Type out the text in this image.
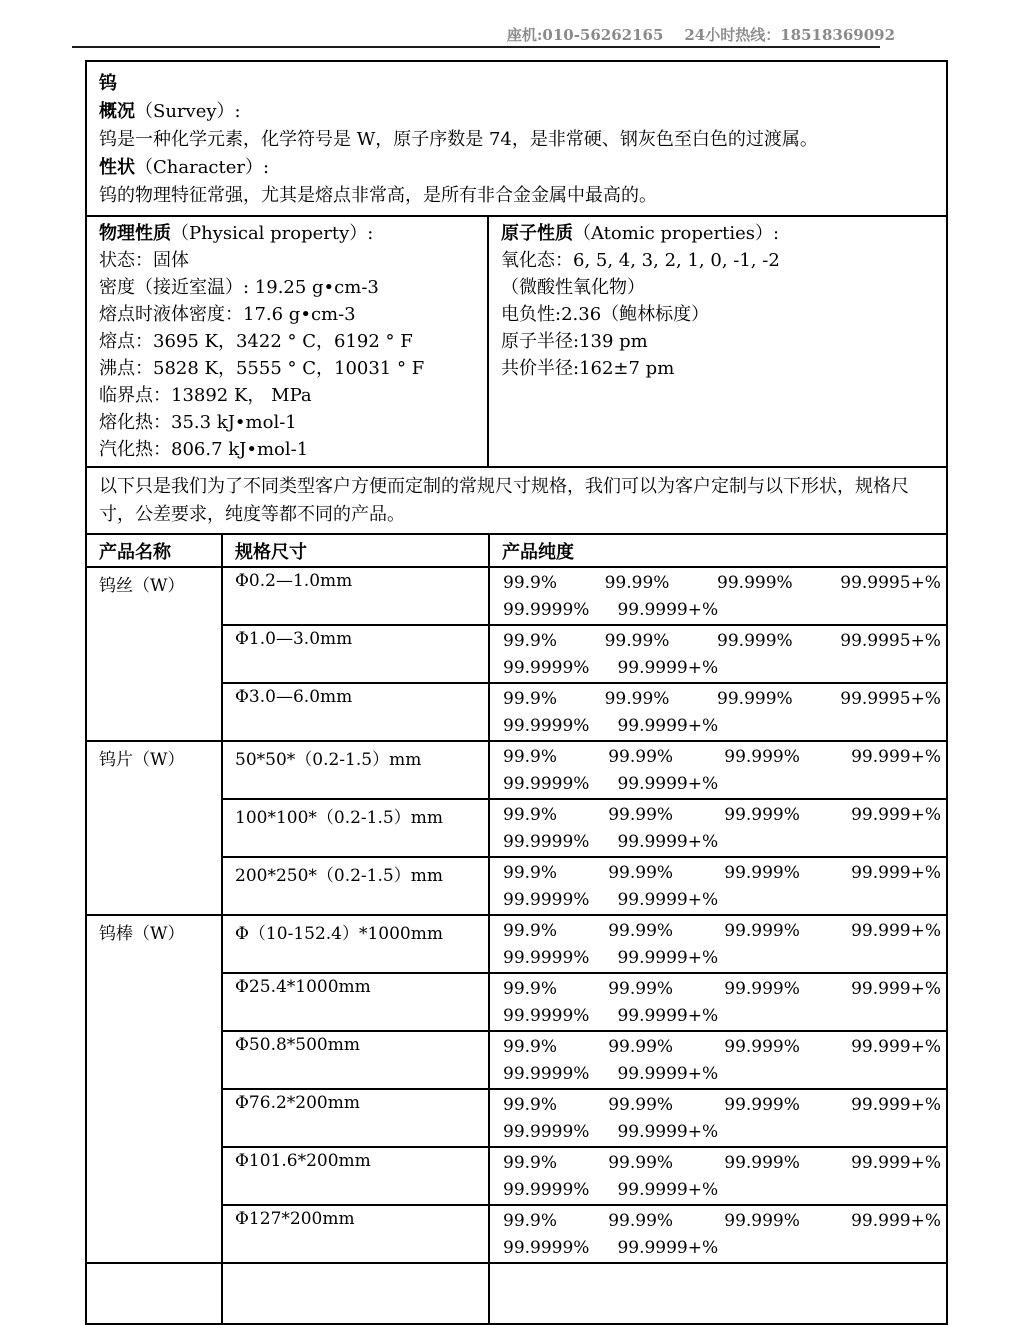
座机:010-56262165    24小时热线：18518369092
钨
概况（Survey）:
钨是一种化学元素，化学符号是 W，原子序数是 74，是非常硬、钢灰色至白色的过渡属。
性状（Character）:
钨的物理特征常强，尤其是熔点非常高，是所有非合金金属中最高的。
物理性质（Physical property）:
状态：固体
密度（接近室温）: 19.25 g•cm-3
熔点时液体密度：17.6 g•cm-3
熔点：3695 K，3422 ° C，6192 ° F
沸点：5828 K，5555 ° C，10031 ° F
临界点：13892 K， MPa
熔化热：35.3 kJ•mol-1
汽化热：806.7 kJ•mol-1
原子性质（Atomic properties）:
氧化态：6, 5, 4, 3, 2, 1, 0, -1, -2
（微酸性氧化物）
电负性:2.36（鲍林标度）
原子半径:139 pm
共价半径:162±7 pm
以下只是我们为了不同类型客户方便而定制的常规尺寸规格，我们可以为客户定制与以下形状，规格尺寸，公差要求，纯度等都不同的产品。
产品名称	规格尺寸	产品纯度
钨丝（W）	Φ0.2—1.0mm	99.9%	99.99%	99.999%	99.9995+%
99.9999% 99.9999+%

Φ1.0—3.0mm	99.9%	99.99%	99.999%	99.9995+%
99.9999% 99.9999+%

Φ3.0—6.0mm	99.9%	99.99%	99.999%	99.9995+%
99.9999% 99.9999+%

钨片（W）	50*50*（0.2-1.5）mm	99.9%	99.99%	99.999%	99.999+%
99.9999% 99.9999+%

100*100*（0.2-1.5）mm	99.9%	99.99%	99.999%	99.999+%
99.9999% 99.9999+%

200*250*（0.2-1.5）mm	99.9%	99.99%	99.999%	99.999+%
99.9999% 99.9999+%

钨棒（W）	Φ（10-152.4）*1000mm	99.9%	99.99%	99.999%	99.999+%
99.9999% 99.9999+%

Φ25.4*1000mm	99.9%	99.99%	99.999%	99.999+%
99.9999% 99.9999+%

Φ50.8*500mm	99.9%	99.99%	99.999%	99.999+%
99.9999% 99.9999+%

Φ76.2*200mm	99.9%	99.99%	99.999%	99.999+%
99.9999% 99.9999+%

Φ101.6*200mm	99.9%	99.99%	99.999%	99.999+%
99.9999% 99.9999+%

Φ127*200mm	99.9%	99.99%	99.999%	99.999+%
99.9999% 99.9999+%
